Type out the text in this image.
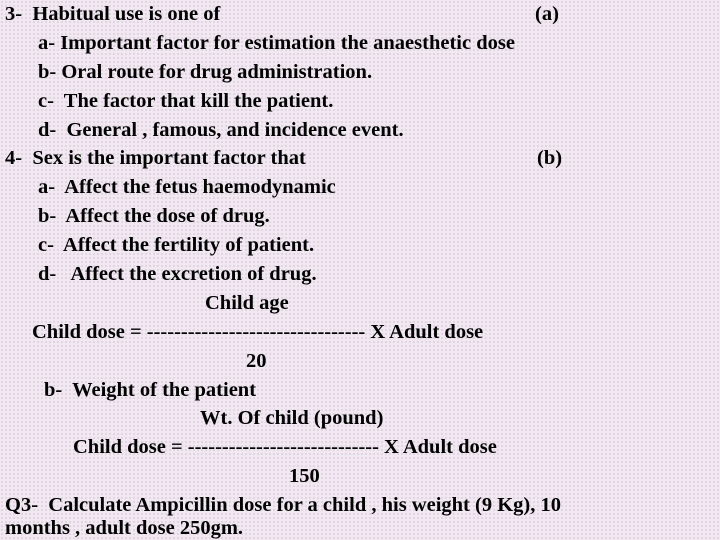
3-  Habitual use is one of	(a)

a- Important factor for estimation the anaesthetic dose

b- Oral route for drug administration.

c-  The factor that kill the patient.

d-  General , famous, and incidence event.

4-  Sex is the important factor that	(b)

a-  Affect the fetus haemodynamic

b-  Affect the dose of drug.

c-  Affect the fertility of patient.

d-   Affect the excretion of drug.

Child age

Child dose = -------------------------------- X Adult dose

20

b-  Weight of the patient

Wt. Of child (pound)

Child dose = ---------------------------- X Adult dose

150

Q3-  Calculate Ampicillin dose for a child , his weight (9 Kg), 10

months , adult dose 250gm.
